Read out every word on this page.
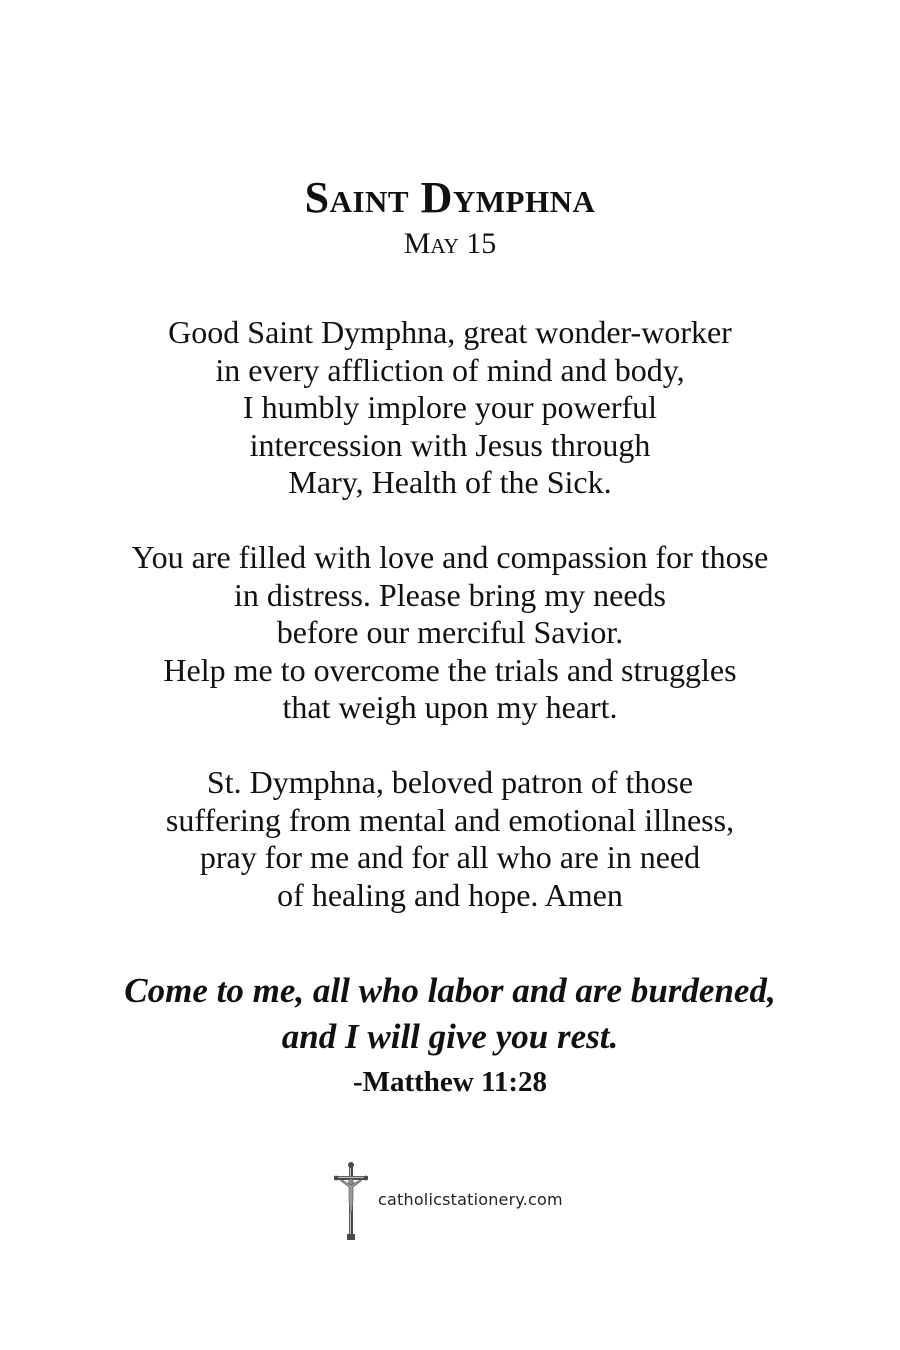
Saint Dymphna
May 15
Good Saint Dymphna, great wonder-worker
in every affliction of mind and body,
I humbly implore your powerful
intercession with Jesus through
Mary, Health of the Sick.
You are filled with love and compassion for those
in distress. Please bring my needs
before our merciful Savior.
Help me to overcome the trials and struggles
that weigh upon my heart.
St. Dymphna, beloved patron of those
suffering from mental and emotional illness,
pray for me and for all who are in need
of healing and hope. Amen
Come to me, all who labor and are burdened,
and I will give you rest.
-Matthew 11:28
catholicstationery.com
